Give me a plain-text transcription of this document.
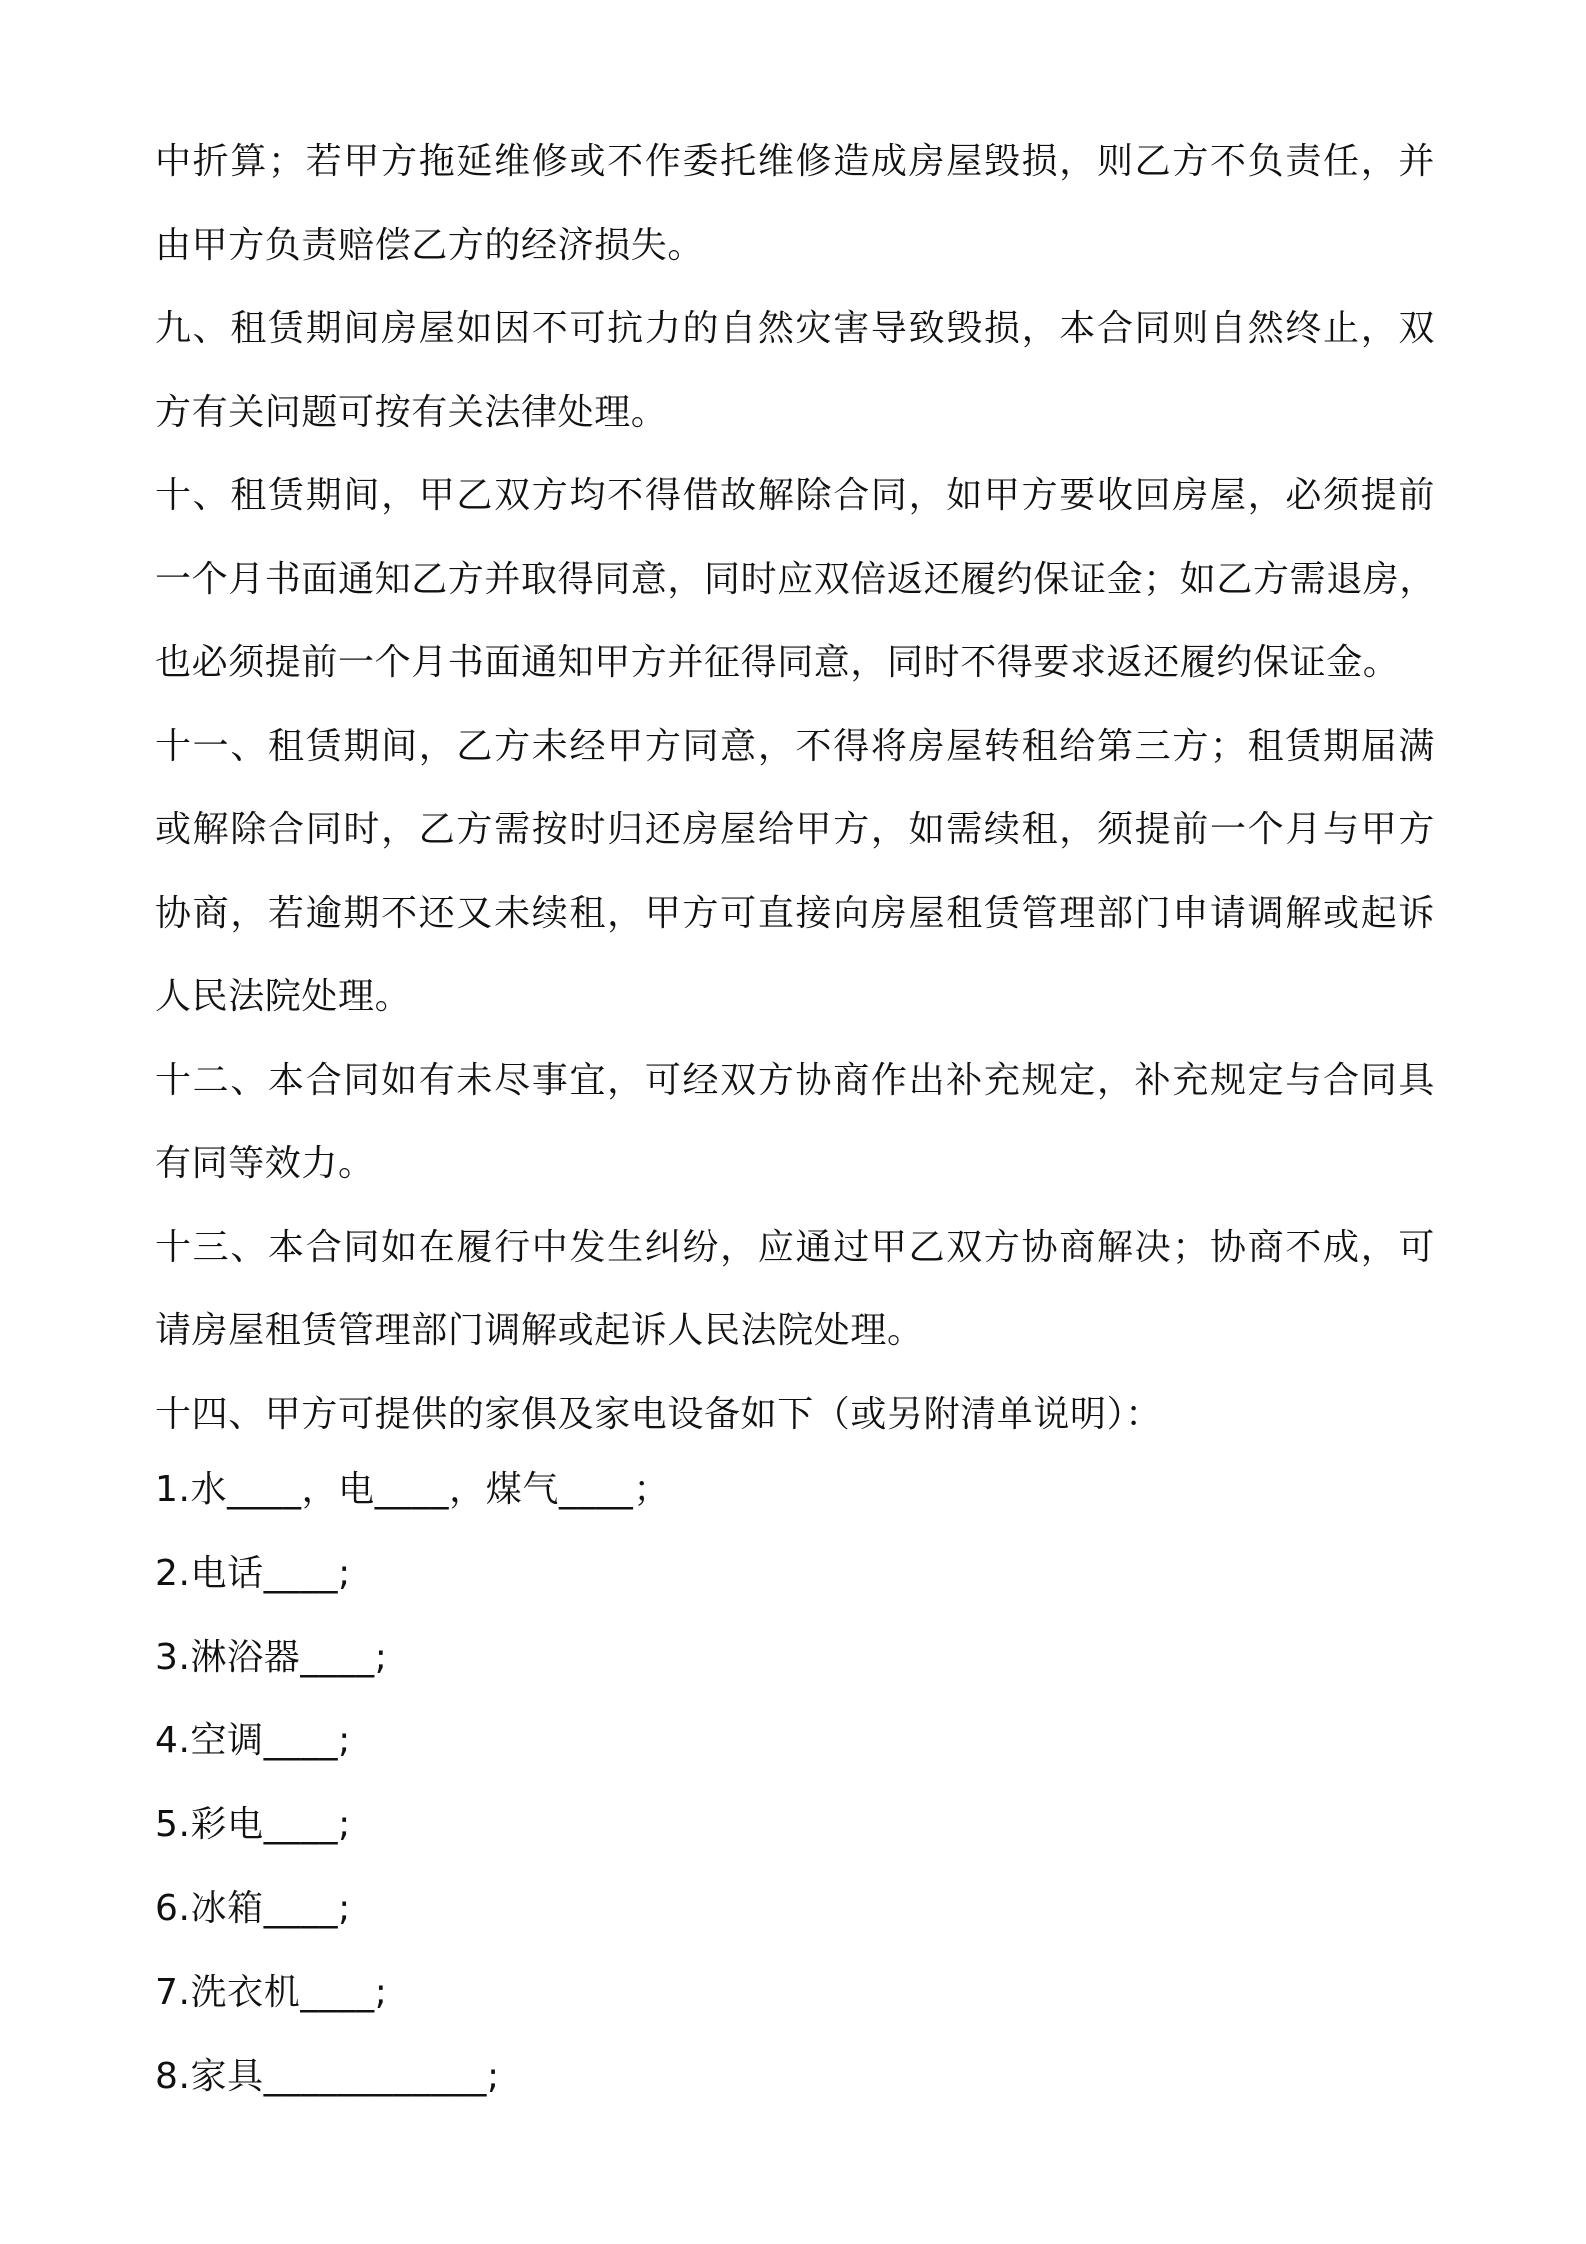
中折算；若甲方拖延维修或不作委托维修造成房屋毁损，则乙方不负责任，并
由甲方负责赔偿乙方的经济损失。
九、租赁期间房屋如因不可抗力的自然灾害导致毁损，本合同则自然终止，双
方有关问题可按有关法律处理。
十、租赁期间，甲乙双方均不得借故解除合同，如甲方要收回房屋，必须提前
一个月书面通知乙方并取得同意，同时应双倍返还履约保证金；如乙方需退房，
也必须提前一个月书面通知甲方并征得同意，同时不得要求返还履约保证金。
十一、租赁期间，乙方未经甲方同意，不得将房屋转租给第三方；租赁期届满
或解除合同时，乙方需按时归还房屋给甲方，如需续租，须提前一个月与甲方
协商，若逾期不还又未续租，甲方可直接向房屋租赁管理部门申请调解或起诉
人民法院处理。
十二、本合同如有未尽事宜，可经双方协商作出补充规定，补充规定与合同具
有同等效力。
十三、本合同如在履行中发生纠纷，应通过甲乙双方协商解决；协商不成，可
请房屋租赁管理部门调解或起诉人民法院处理。
十四、甲方可提供的家俱及家电设备如下（或另附清单说明）：
1.水____，电____，煤气____；
2.电话____;
3.淋浴器____;
4.空调____;
5.彩电____;
6.冰箱____;
7.洗衣机____;
8.家具____________;
